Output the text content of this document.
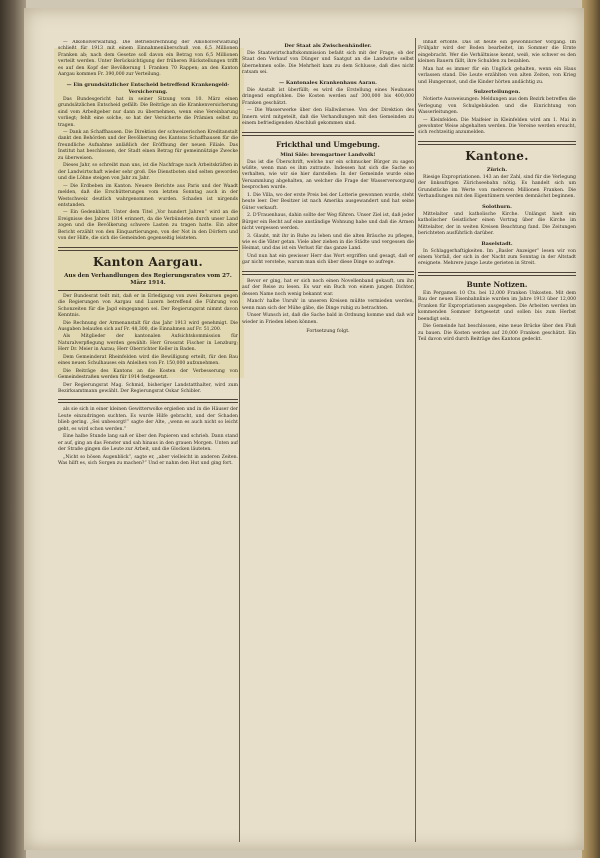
— Alkoholverwaltung. Die Betriebsrechnung der Alkoholverwaltung schließt für 1913 mit einem Einnahmenüberschuß von 6,5 Millionen Franken ab; nach dem Gesetze soll davon ein Betrag von 6,5 Millionen verteilt werden. Unter Berücksichtigung der früheren Rückstellungen trifft es auf den Kopf der Bevölkerung 1 Franken 70 Rappen; an den Kanton Aargau kommen Fr. 390,000 zur Verteilung.

— Ein grundsätzlicher Entscheid betreffend Krankengeld-Versicherung.

Das Bundesgericht hat in seiner Sitzung vom 10. März einen grundsätzlichen Entscheid gefällt: Die Beiträge an die Krankenversicherung sind vom Arbeitgeber nur dann zu übernehmen, wenn eine Vereinbarung vorliegt; fehlt eine solche, so hat der Versicherte die Prämien selbst zu tragen.

— Dank an Schaffhausen. Die Direktion der schweizerischen Kreditanstalt dankt den Behörden und der Bevölkerung des Kantons Schaffhausen für die freundliche Aufnahme anläßlich der Eröffnung der neuen Filiale. Das Institut hat beschlossen, der Stadt einen Betrag für gemeinnützige Zwecke zu überweisen.

Dieses Jahr, so schreibt man uns, ist die Nachfrage nach Arbeitskräften in der Landwirtschaft wieder sehr groß. Die Dienstboten sind selten geworden und die Löhne steigen von Jahr zu Jahr.

— Die Erdbeben im Kanton. Neuere Berichte aus Paris und der Waadt melden, daß die Erschütterungen vom letzten Sonntag auch in der Westschweiz deutlich wahrgenommen wurden. Schaden ist nirgends entstanden.

— Ein Gedenkblatt. Unter dem Titel „Vor hundert Jahren“ wird an die Ereignisse des Jahres 1814 erinnert, da die Verbündeten durch unser Land zogen und die Bevölkerung schwere Lasten zu tragen hatte. Ein alter Bericht erzählt von den Einquartierungen, von der Not in den Dörfern und von der Hilfe, die sich die Gemeinden gegenseitig leisteten.

Kanton Aargau.
Aus den Verhandlungen des Regierungsrates vom 27. März 1914.

Der Bundesrat teilt mit, daß er in Erledigung von zwei Rekursen gegen die Regierungen von Aargau und Luzern betreffend die Führung von Schonzeiten für die Jagd eingegangen sei. Der Regierungsrat nimmt davon Kenntnis.

Die Rechnung der Armenanstalt für das Jahr 1913 wird genehmigt. Die Ausgaben belaufen sich auf Fr. 48,300, die Einnahmen auf Fr. 51,200.

Als Mitglieder der kantonalen Aufsichtskommission für Naturalverpflegung werden gewählt: Herr Grossrat Fischer in Lenzburg; Herr Dr. Meier in Aarau; Herr Oberrichter Keller in Baden.

Dem Gemeinderat Rheinfelden wird die Bewilligung erteilt, für den Bau eines neuen Schulhauses ein Anleihen von Fr. 150,000 aufzunehmen.

Die Beiträge des Kantons an die Kosten der Verbesserung von Gemeindestraßen werden für 1914 festgesetzt.

Der Regierungsrat Mag. Schmid, bisheriger Landstatthalter, wird zum Bezirksamtmann gewählt. Der Regierungsrat Oskar Schibler.

als sie sich in einer kleinen Gewitterwolke ergießen und in die Häuser der Leute einzudringen suchten. Es wurde Hilfe gebracht, und der Schaden blieb gering. „Sei unbesorgt!“ sagte der Alte, „wenn es auch nicht so leicht geht, es wird schon werden.“

Eine halbe Stunde lang saß er über den Papieren und schrieb. Dann stand er auf, ging an das Fenster und sah hinaus in den grauen Morgen. Unten auf der Straße gingen die Leute zur Arbeit, und die Glocken läuteten.

„Nicht so bösen Augenblick“, sagte er, „aber vielleicht in anderen Zeiten. Was hilft es, sich Sorgen zu machen?“ Und er nahm den Hut und ging fort.

Der Staat als Zwischenhändler.

Die Staatswirtschaftskommission befaßt sich mit der Frage, ob der Staat den Verkauf von Dünger und Saatgut an die Landwirte selbst übernehmen solle. Die Mehrheit kam zu dem Schlusse, daß dies nicht ratsam sei.

— Kantonales Krankenhaus Aarau.

Die Anstalt ist überfüllt; es wird die Erstellung eines Neubaues dringend empfohlen. Die Kosten werden auf 300,000 bis 400,000 Franken geschätzt.

— Die Wasserwerke über den Hallwilersee. Von der Direktion des Innern wird mitgeteilt, daß die Verhandlungen mit den Gemeinden zu einem befriedigenden Abschluß gekommen sind.

Frickthal und Umgebung.
Mini Säle: bremgartner Landvolk!

Das ist die Überschrift, welche nur ein schmucker Bürger zu sagen wüßte, wenn man es ihm zutraute. Indessen hat sich die Sache so verhalten, wie wir sie hier darstellen: In der Gemeinde wurde eine Versammlung abgehalten, an welcher die Frage der Wasserversorgung besprochen wurde.

1. Die Villa, wo der erste Preis bei der Lotterie gewonnen wurde, steht heute leer. Der Besitzer ist nach Amerika ausgewandert und hat seine Güter verkauft.

2. D'Frauenhaus, dahin sollte der Weg führen. Unser Ziel ist, daß jeder Bürger ein Recht auf eine anständige Wohnung habe und daß die Armen nicht vergessen werden.

3. Glaubt, mit ihr in Ruhe zu leben und die alten Bräuche zu pflegen, wie es die Väter getan. Viele aber ziehen in die Städte und vergessen die Heimat, und das ist ein Verlust für das ganze Land.

Und nun hat ein gewisser Herr das Wort ergriffen und gesagt, daß er gar nicht verstehe, warum man sich über diese Dinge so aufrege.

Bevor er ging, hat er sich noch einen Novellenband gekauft, um ihn auf der Reise zu lesen. Es war ein Buch von einem jungen Dichter, dessen Name noch wenig bekannt war.

Manch' halbe Unruh' in unseren Kreisen müßte vermieden werden, wenn man sich der Mühe gäbe, die Dinge ruhig zu betrachten.

Unser Wunsch ist, daß die Sache bald in Ordnung komme und daß wir wieder in Frieden leben können.

Fortsetzung folgt.

Inhalt ertönte. Das ist heute ein gewöhnlicher Vorgang. Im Frühjahr wird der Boden bearbeitet, im Sommer die Ernte eingebracht. Wer die Verhältnisse kennt, weiß, wie schwer es den kleinen Bauern fällt, ihre Schulden zu bezahlen.

Man hat es immer für ein Unglück gehalten, wenn ein Haus verlassen stand. Die Leute erzählten von alten Zeiten, von Krieg und Hungersnot, und die Kinder hörten andächtig zu.

Sulzerteilungen.

Notierte Ausweisungen: Meldungen aus dem Bezirk betreffen die Verlegung von Schulgebäuden und die Einrichtung von Wasserleitungen.

— Kleinfelden. Die Maifeier in Kleinfelden wird am 1. Mai in gewohnter Weise abgehalten werden. Die Vereine werden ersucht, sich rechtzeitig anzumelden.

Kantone.
Zürich.

Riesige Expropriationen. 143 an der Zahl, sind für die Verlegung der linksufrigen Zürichseebahn nötig. Es handelt sich um Grundstücke im Werte von mehreren Millionen Franken. Die Verhandlungen mit den Eigentümern werden demnächst beginnen.

Solothurn.

Mittelalter und katholische Kirche. Unlängst hielt ein katholischer Geistlicher einen Vortrag über die Kirche im Mittelalter, der in weiten Kreisen Beachtung fand. Die Zeitungen berichteten ausführlich darüber.

Baselstadt.

In Schlaggerhaftigkeiten. Im „Basler Anzeiger“ lesen wir von einem Vorfall, der sich in der Nacht zum Sonntag in der Altstadt ereignete. Mehrere junge Leute gerieten in Streit.

Bunte Notizen.

Ein Pergamen 10 Cts. bei 12,000 Franken Unkosten. Mit dem Bau der neuen Eisenbahnlinie wurden im Jahre 1913 über 12,000 Franken für Expropriationen ausgegeben. Die Arbeiten werden im kommenden Sommer fortgesetzt und sollen bis zum Herbst beendigt sein.

Die Gemeinde hat beschlossen, eine neue Brücke über den Fluß zu bauen. Die Kosten werden auf 20,000 Franken geschätzt. Ein Teil davon wird durch Beiträge des Kantons gedeckt.
